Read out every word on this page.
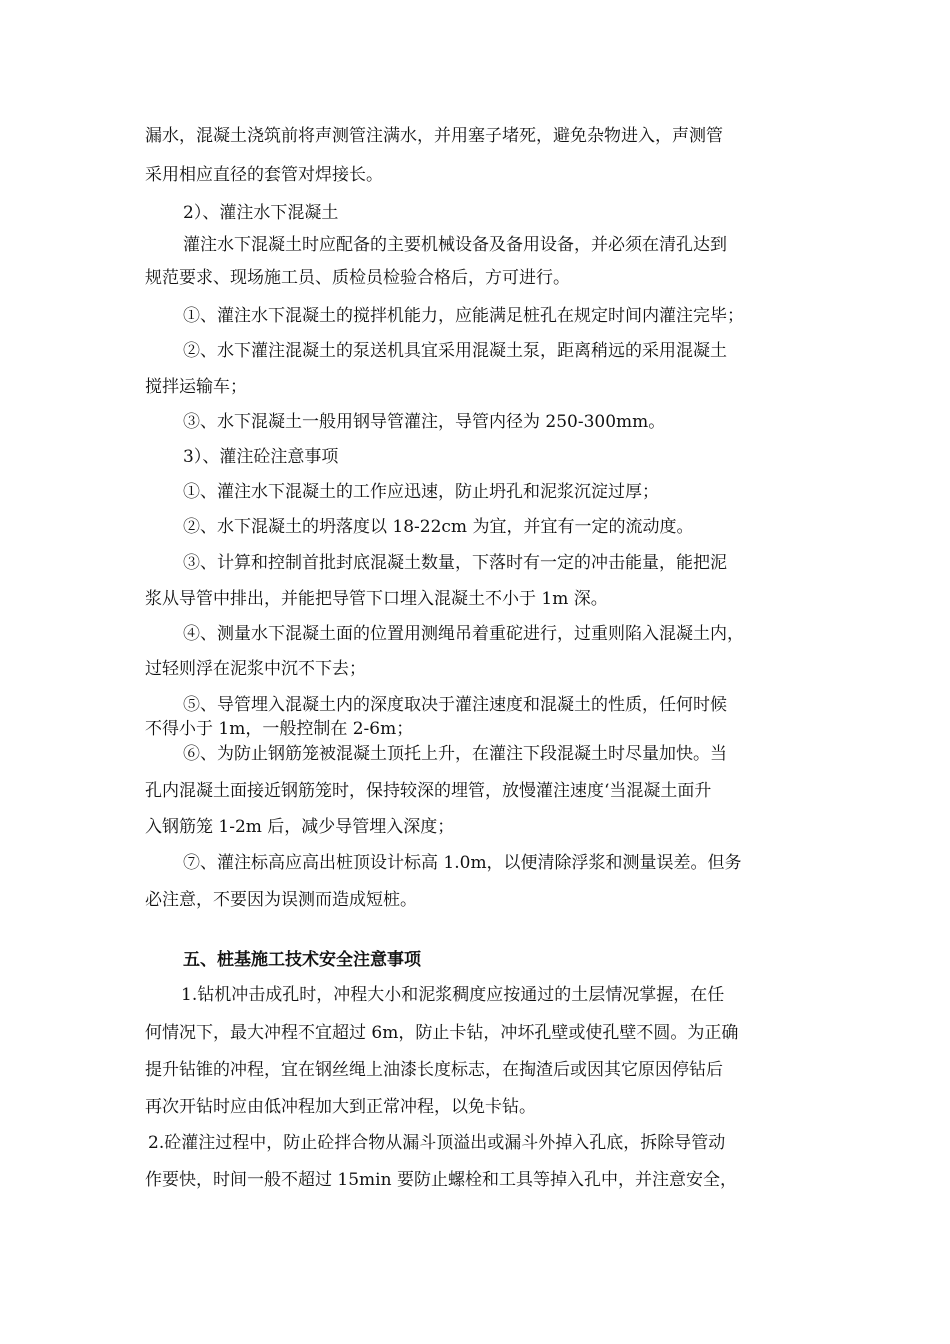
漏水，混凝土浇筑前将声测管注满水，并用塞子堵死，避免杂物进入，声测管
采用相应直径的套管对焊接长。
2）、灌注水下混凝土
灌注水下混凝土时应配备的主要机械设备及备用设备，并必须在清孔达到
规范要求、现场施工员、质检员检验合格后，方可进行。
①、灌注水下混凝土的搅拌机能力，应能满足桩孔在规定时间内灌注完毕；
②、水下灌注混凝土的泵送机具宜采用混凝土泵，距离稍远的采用混凝土
搅拌运输车；
③、水下混凝土一般用钢导管灌注，导管内径为 250-300mm。
3）、灌注砼注意事项
①、灌注水下混凝土的工作应迅速，防止坍孔和泥浆沉淀过厚；
②、水下混凝土的坍落度以 18-22cm 为宜，并宜有一定的流动度。
③、计算和控制首批封底混凝土数量，下落时有一定的冲击能量，能把泥
浆从导管中排出，并能把导管下口埋入混凝土不小于 1m 深。
④、测量水下混凝土面的位置用测绳吊着重砣进行，过重则陷入混凝土内，
过轻则浮在泥浆中沉不下去；
⑤、导管埋入混凝土内的深度取决于灌注速度和混凝土的性质，任何时候
不得小于 1m，一般控制在 2-6m；
⑥、为防止钢筋笼被混凝土顶托上升，在灌注下段混凝土时尽量加快。当
孔内混凝土面接近钢筋笼时，保持较深的埋管，放慢灌注速度‘当混凝土面升
入钢筋笼 1-2m 后，减少导管埋入深度；
⑦、灌注标高应高出桩顶设计标高 1.0m，以便清除浮浆和测量误差。但务
必注意，不要因为误测而造成短桩。
五、桩基施工技术安全注意事项
1.钻机冲击成孔时，冲程大小和泥浆稠度应按通过的土层情况掌握，在任
何情况下，最大冲程不宜超过 6m，防止卡钻，冲坏孔壁或使孔壁不圆。为正确
提升钻锥的冲程，宜在钢丝绳上油漆长度标志，在掏渣后或因其它原因停钻后
再次开钻时应由低冲程加大到正常冲程，以免卡钻。
2.砼灌注过程中，防止砼拌合物从漏斗顶溢出或漏斗外掉入孔底，拆除导管动
作要快，时间一般不超过 15min 要防止螺栓和工具等掉入孔中，并注意安全，
